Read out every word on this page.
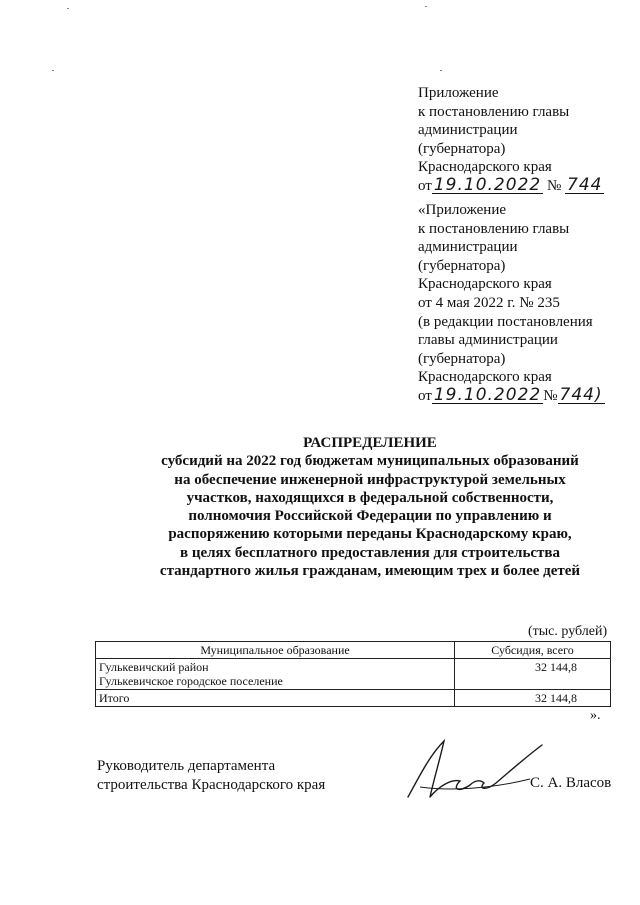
Приложение
к постановлению главы
администрации
(губернатора)
Краснодарского края
от 19.10.2022 № 744
«Приложение
к постановлению главы
администрации
(губернатора)
Краснодарского края
от 4 мая 2022 г. № 235
(в редакции постановления
главы администрации
(губернатора)
Краснодарского края
от 19.10.2022 № 744)
РАСПРЕДЕЛЕНИЕ
субсидий на 2022 год бюджетам муниципальных образований
на обеспечение инженерной инфраструктурой земельных
участков, находящихся в федеральной собственности,
полномочия Российской Федерации по управлению и
распоряжению которыми переданы Краснодарскому краю,
в целях бесплатного предоставления для строительства
стандартного жилья гражданам, имеющим трех и более детей
(тыс. рублей)
Муниципальное образование	Субсидия, всего

Гулькевичский район
Гулькевичское городское поселение	32 144,8
Итого	32 144,8
».
Руководитель департамента
строительства Краснодарского края	С. А. Власов
